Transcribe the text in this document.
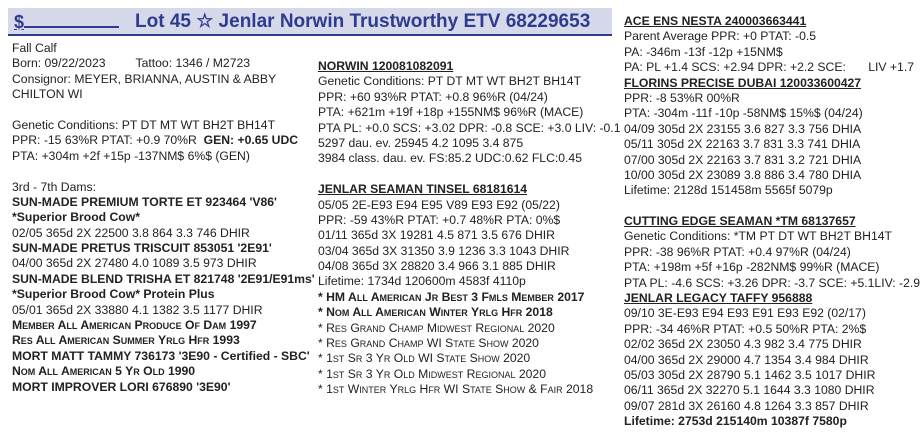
$	Lot 45 ☆ Jenlar Norwin Trustworthy ETV 68229653
Fall Calf
Born: 09/22/2023 Tattoo: 1346 / M2723
Consignor: MEYER, BRIANNA, AUSTIN & ABBY
CHILTON WI
Genetic Conditions: PT DT MT WT BH2T BH14T
PPR: -15 63%R PTAT: +0.9 70%R GEN: +0.65 UDC
PTA: +304m +2f +15p -137NM$ 6%$ (GEN)
3rd - 7th Dams:
SUN-MADE PREMIUM TORTE ET 923464 'V86'
*Superior Brood Cow*
02/05 365d 2X 22500 3.8 864 3.3 746 DHIR
SUN-MADE PRETUS TRISCUIT 853051 '2E91'
04/00 365d 2X 27480 4.0 1089 3.5 973 DHIR
SUN-MADE BLEND TRISHA ET 821748 '2E91/E91ms'
*Superior Brood Cow* Protein Plus
05/01 365d 2X 33880 4.1 1382 3.5 1177 DHIR
Member All American Produce Of Dam 1997
Res All American Summer Yrlg Hfr 1993
MORT MATT TAMMY 736173 '3E90 - Certified - SBC'
Nom All American 5 Yr Old 1990
MORT IMPROVER LORI 676890 '3E90'
NORWIN 120081082091
Genetic Conditions: PT DT MT WT BH2T BH14T
PPR: +60 93%R PTAT: +0.8 96%R (04/24)
PTA: +621m +19f +18p +155NM$ 96%R (MACE)
PTA PL: +0.0 SCS: +3.02 DPR: -0.8 SCE: +3.0 LIV: -0.1
5297 dau. ev. 25945 4.2 1095 3.4 875
3984 class. dau. ev. FS:85.2 UDC:0.62 FLC:0.45
JENLAR SEAMAN TINSEL 68181614
05/05 2E-E93 E94 E95 V89 E93 E92 (05/22)
PPR: -59 43%R PTAT: +0.7 48%R PTA: 0%$
01/11 365d 3X 19281 4.5 871 3.5 676 DHIR
03/04 365d 3X 31350 3.9 1236 3.3 1043 DHIR
04/08 365d 3X 28820 3.4 966 3.1 885 DHIR
Lifetime: 1734d 120600m 4583f 4110p
* HM All American Jr Best 3 Fmls Member 2017
* Nom All American Winter Yrlg Hfr 2018
* Res Grand Champ Midwest Regional 2020
* Res Grand Champ WI State Show 2020
* 1st Sr 3 Yr Old WI State Show 2020
* 1st Sr 3 Yr Old Midwest Regional 2020
* 1st Winter Yrlg Hfr WI State Show & Fair 2018
ACE ENS NESTA 240003663441
Parent Average PPR: +0 PTAT: -0.5
PA: -346m -13f -12p +15NM$
PA: PL +1.4 SCS: +2.94 DPR: +2.2 SCE: LIV +1.7
FLORINS PRECISE DUBAI 120033600427
PPR: -8 53%R 00%R
PTA: -304m -11f -10p -58NM$ 15%$ (04/24)
04/09 305d 2X 23155 3.6 827 3.3 756 DHIA
05/11 305d 2X 22163 3.7 831 3.3 741 DHIA
07/00 305d 2X 22163 3.7 831 3.2 721 DHIA
10/00 305d 2X 23089 3.8 886 3.4 780 DHIA
Lifetime: 2128d 151458m 5565f 5079p
CUTTING EDGE SEAMAN *TM 68137657
Genetic Conditions: *TM PT DT WT BH2T BH14T
PPR: -38 96%R PTAT: +0.4 97%R (04/24)
PTA: +198m +5f +16p -282NM$ 99%R (MACE)
PTA PL: -4.6 SCS: +3.26 DPR: -3.7 SCE: +5.1 LIV: -2.9
JENLAR LEGACY TAFFY 956888
09/10 3E-E93 E94 E93 E91 E93 E92 (02/17)
PPR: -34 46%R PTAT: +0.5 50%R PTA: 2%$
02/02 365d 2X 23050 4.3 982 3.4 775 DHIR
04/00 365d 2X 29000 4.7 1354 3.4 984 DHIR
05/03 305d 2X 28790 5.1 1462 3.5 1017 DHIR
06/11 365d 2X 32270 5.1 1644 3.3 1080 DHIR
09/07 281d 3X 26160 4.8 1264 3.3 857 DHIR
Lifetime: 2753d 215140m 10387f 7580p
